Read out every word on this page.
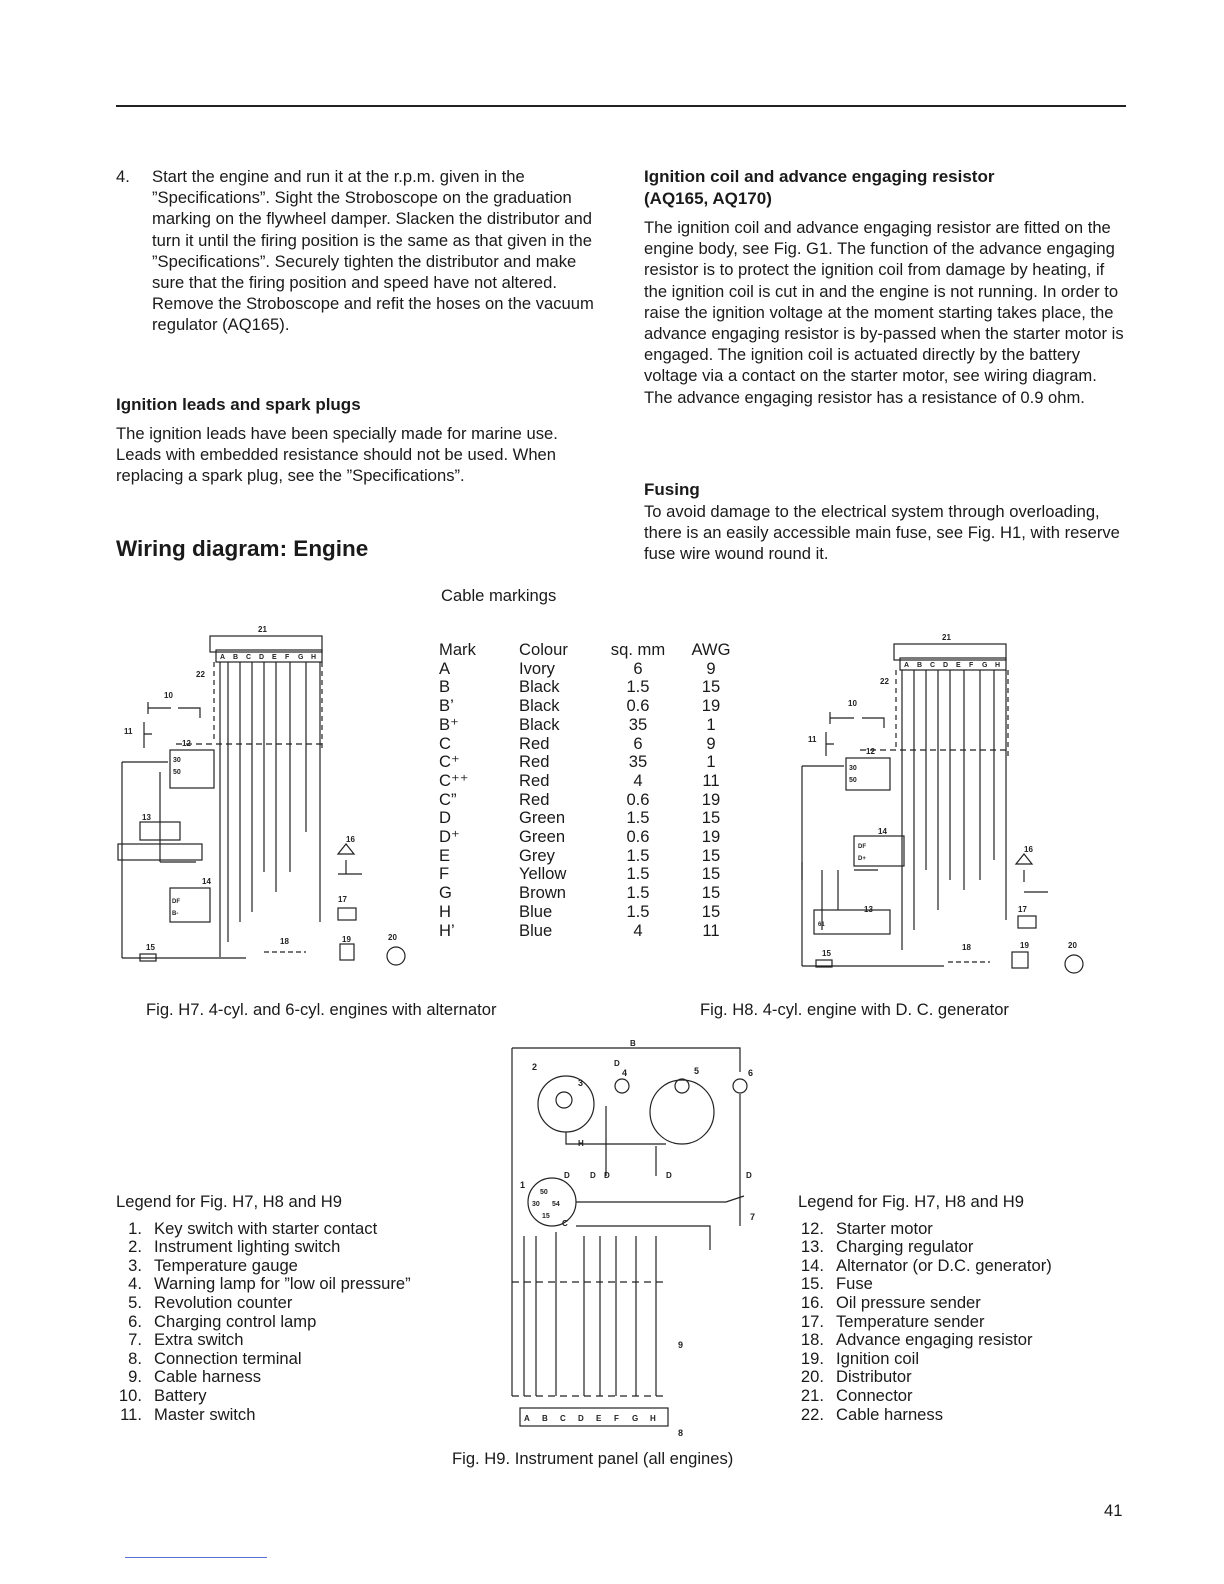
4. Start the engine and run it at the r.p.m. given in the ”Specifications”. Sight the Stroboscope on the graduation marking on the flywheel damper. Slacken the distributor and turn it until the firing position is the same as that given in the ”Specifications”. Securely tighten the distributor and make sure that the firing position and speed have not altered. Remove the Stroboscope and refit the hoses on the vacuum regulator (AQ165).
Ignition leads and spark plugs

The ignition leads have been specially made for marine use. Leads with embedded resistance should not be used. When replacing a spark plug, see the ”Specifications”.

Wiring diagram: Engine
Ignition coil and advance engaging resistor
(AQ165, AQ170)

The ignition coil and advance engaging resistor are fitted on the engine body, see Fig. G1. The function of the advance engaging resistor is to protect the ignition coil from damage by heating, if the ignition coil is cut in and the engine is not running. In order to raise the ignition voltage at the moment starting takes place, the advance engaging resistor is by-passed when the starter motor is engaged. The ignition coil is actuated directly by the battery voltage via a contact on the starter motor, see wiring diagram. The advance engaging resistor has a resistance of 0.9 ohm.

Fusing

To avoid damage to the electrical system through overloading, there is an easily accessible main fuse, see Fig. H1, with reserve fuse wire wound round it.

Cable markings
Mark	Colour	sq. mm	AWG
A	Ivory	6	9
B	Black	1.5	15
B’	Black	0.6	19
B⁺	Black	35	1
C	Red	6	9
C⁺	Red	35	1
C⁺⁺	Red	4	11
C”	Red	0.6	19
D	Green	1.5	15
D⁺	Green	0.6	19
E	Grey	1.5	15
F	Yellow	1.5	15
G	Brown	1.5	15
H	Blue	1.5	15
H’	Blue	4	11
A B C D E F G H
21
22
10
11
12
30
50
13
14
DF
B-
16
17
18	19	20
15
A B C D E F G H
21
22
10
11
12
30
50
14
DF
D+
13
61
16
17
18	19	20
15
Fig. H7. 4-cyl. and 6-cyl. engines with alternator	Fig. H8. 4-cyl. engine with D. C. generator
B
2
3
D
4	5	6
H
D	D D	D	D
1
50
30 54
15
C
7
9
A B C D E F G H
8
Fig. H9. Instrument panel (all engines)
Legend for Fig. H7, H8 and H9
1. Key switch with starter contact
2. Instrument lighting switch
3. Temperature gauge
4. Warning lamp for ”low oil pressure”
5. Revolution counter
6. Charging control lamp
7. Extra switch
8. Connection terminal
9. Cable harness
10. Battery
11. Master switch
Legend for Fig. H7, H8 and H9
12. Starter motor
13. Charging regulator
14. Alternator (or D.C. generator)
15. Fuse
16. Oil pressure sender
17. Temperature sender
18. Advance engaging resistor
19. Ignition coil
20. Distributor
21. Connector
22. Cable harness
41
